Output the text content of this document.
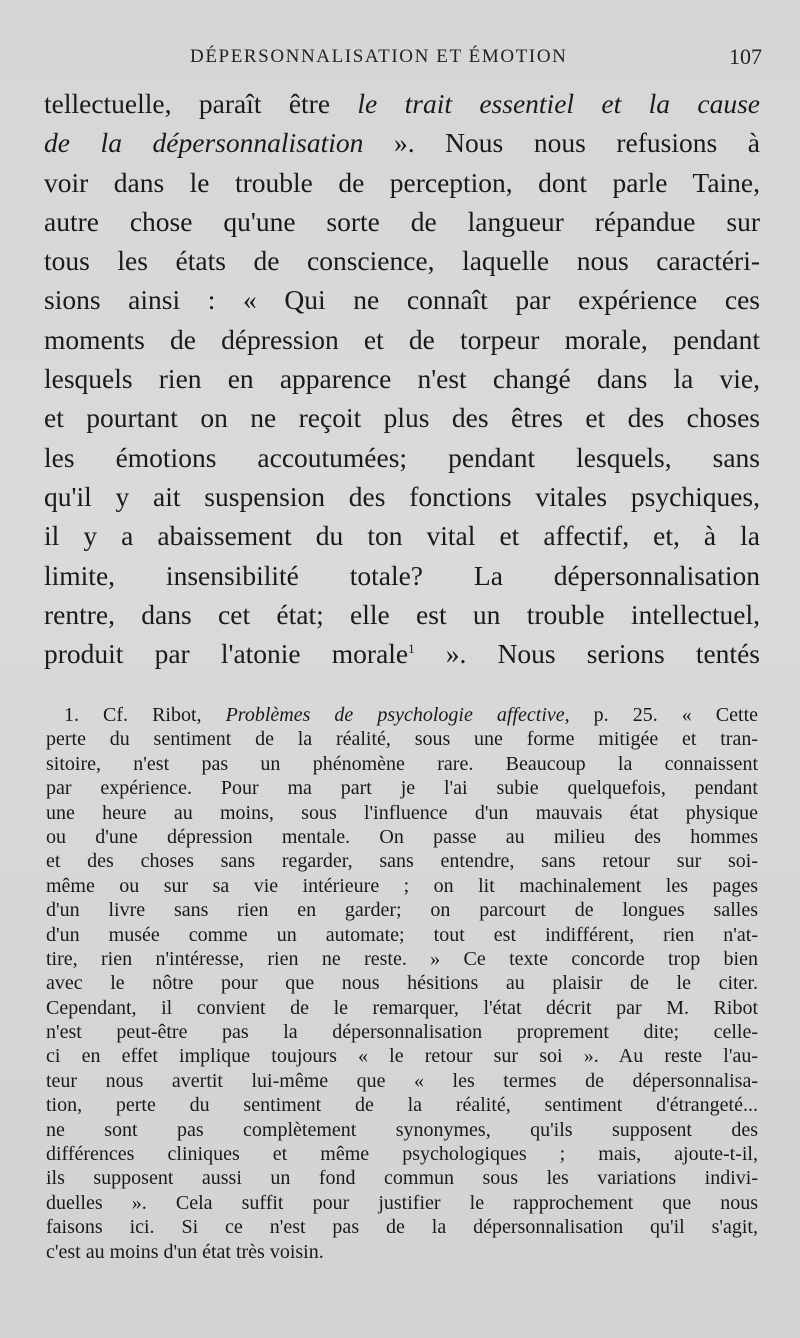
DÉPERSONNALISATION ET ÉMOTION	107
tellectuelle, paraît être le trait essentiel et la cause
de la dépersonnalisation ». Nous nous refusions à
voir dans le trouble de perception, dont parle Taine,
autre chose qu'une sorte de langueur répandue sur
tous les états de conscience, laquelle nous caractéri-
sions ainsi : « Qui ne connaît par expérience ces
moments de dépression et de torpeur morale, pendant
lesquels rien en apparence n'est changé dans la vie,
et pourtant on ne reçoit plus des êtres et des choses
les émotions accoutumées; pendant lesquels, sans
qu'il y ait suspension des fonctions vitales psychiques,
il y a abaissement du ton vital et affectif, et, à la
limite, insensibilité totale? La dépersonnalisation
rentre, dans cet état; elle est un trouble intellectuel,
produit par l'atonie morale$^1$ ». Nous serions tentés
1. Cf. Ribot, Problèmes de psychologie affective, p. 25. « Cette
perte du sentiment de la réalité, sous une forme mitigée et tran-
sitoire, n'est pas un phénomène rare. Beaucoup la connaissent
par expérience. Pour ma part je l'ai subie quelquefois, pendant
une heure au moins, sous l'influence d'un mauvais état physique
ou d'une dépression mentale. On passe au milieu des hommes
et des choses sans regarder, sans entendre, sans retour sur soi-
même ou sur sa vie intérieure ; on lit machinalement les pages
d'un livre sans rien en garder; on parcourt de longues salles
d'un musée comme un automate; tout est indifférent, rien n'at-
tire, rien n'intéresse, rien ne reste. » Ce texte concorde trop bien
avec le nôtre pour que nous hésitions au plaisir de le citer.
Cependant, il convient de le remarquer, l'état décrit par M. Ribot
n'est peut-être pas la dépersonnalisation proprement dite; celle-
ci en effet implique toujours « le retour sur soi ». Au reste l'au-
teur nous avertit lui-même que « les termes de dépersonnalisa-
tion, perte du sentiment de la réalité, sentiment d'étrangeté...
ne sont pas complètement synonymes, qu'ils supposent des
différences cliniques et même psychologiques ; mais, ajoute-t-il,
ils supposent aussi un fond commun sous les variations indivi-
duelles ». Cela suffit pour justifier le rapprochement que nous
faisons ici. Si ce n'est pas de la dépersonnalisation qu'il s'agit,
c'est au moins d'un état très voisin.
